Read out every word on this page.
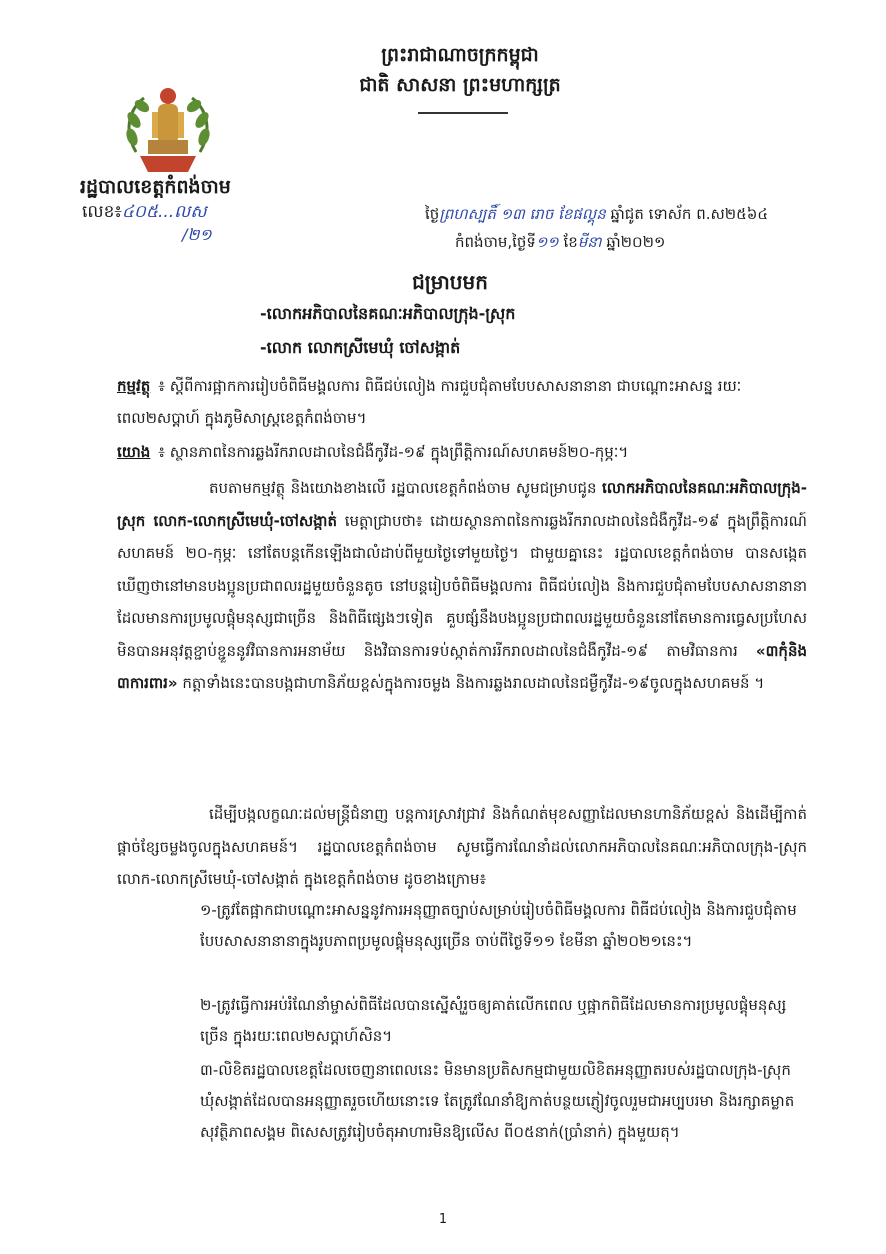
ព្រះរាជាណាចក្រកម្ពុជា
ជាតិ សាសនា ព្រះមហាក្សត្រ
រដ្ឋបាលខេត្តកំពង់ចាម
លេខ៖៤០៥...លស
/២១
ថ្ងៃព្រហស្បតិ៍ ១៣ រោច ខែផល្គុន ឆ្នាំជូត ទោស័ក ព.ស២៥៦៤
កំពង់ចាម,ថ្ងៃទី១១ ខែមីនា ឆ្នាំ២០២១
ជម្រាបមក
-លោកអភិបាលនៃគណៈអភិបាលក្រុង-ស្រុក
-លោក លោកស្រីមេឃុំ ចៅសង្កាត់
កម្មវត្ថុ ៖ ស្តីពីការផ្អាកការរៀបចំពិធីមង្គលការ ពិធីជប់លៀង ការជួបជុំតាមបែបសាសនានានា ជាបណ្តោះអាសន្ន រយៈពេល២សប្តាហ៍ ក្នុងភូមិសាស្ត្រខេត្តកំពង់ចាម។
យោង ៖ ស្ថានភាពនៃការឆ្លងរីករាលដាលនៃជំងឺកូវីដ-១៩ ក្នុងព្រឹត្តិការណ៍សហគមន៍២០-កុម្ភៈ។
តបតាមកម្មវត្ថុ និងយោងខាងលើ រដ្ឋបាលខេត្តកំពង់ចាម សូមជម្រាបជូន លោកអភិបាលនៃគណៈអភិបាលក្រុង-ស្រុក លោក-លោកស្រីមេឃុំ-ចៅសង្កាត់ មេត្តាជ្រាបថា៖ ដោយស្ថានភាពនៃការឆ្លងរីករាលដាលនៃជំងឺកូវីដ-១៩ ក្នុងព្រឹត្តិការណ៍សហគមន៍ ២០-កុម្ភៈ នៅតែបន្តកើនឡើងជាលំដាប់ពីមួយថ្ងៃទៅមួយថ្ងៃ។ ជាមួយគ្នានេះ រដ្ឋបាលខេត្តកំពង់ចាម បានសង្កេតឃើញថានៅមានបងប្អូនប្រជាពលរដ្ឋមួយចំនួនតូច នៅបន្តរៀបចំពិធីមង្គលការ ពិធីជប់លៀង និងការជួបជុំតាមបែបសាសនានានាដែលមានការប្រមូលផ្តុំមនុស្សជាច្រើន និងពិធីផ្សេងៗទៀត គួបផ្សំនឹងបងប្អូនប្រជាពលរដ្ឋមួយចំនួននៅតែមានការធ្វេសប្រហែស មិនបានអនុវត្តខ្ជាប់ខ្ជួននូវវិធានការអនាម័យ និងវិធានការទប់ស្កាត់ការរីករាលដាលនៃជំងឺកូវីដ-១៩ តាមវិធានការ «៣កុំនិង ៣ការពារ» កត្តាទាំងនេះបានបង្កជាហានិភ័យខ្ពស់ក្នុងការចម្លង និងការឆ្លងរាលដាលនៃជម្ងឺកូវីដ-១៩ចូលក្នុងសហគមន៍ ។
ដើម្បីបង្កលក្ខណៈដល់មន្ត្រីជំនាញ បន្តការស្រាវជ្រាវ និងកំណត់មុខសញ្ញាដែលមានហានិភ័យខ្ពស់ និងដើម្បីកាត់ផ្តាច់ខ្សែចម្លងចូលក្នុងសហគមន៍។ រដ្ឋបាលខេត្តកំពង់ចាម សូមធ្វើការណែនាំដល់លោកអភិបាលនៃគណៈអភិបាលក្រុង-ស្រុក លោក-លោកស្រីមេឃុំ-ចៅសង្កាត់ ក្នុងខេត្តកំពង់ចាម ដូចខាងក្រោម៖
១-ត្រូវតែផ្អាកជាបណ្តោះអាសន្ននូវការអនុញ្ញាតច្បាប់សម្រាប់រៀបចំពិធីមង្គលការ ពិធីជប់លៀង និងការជួបជុំតាមបែបសាសនានានាក្នុងរូបភាពប្រមូលផ្តុំមនុស្សច្រើន ចាប់ពីថ្ងៃទី១១ ខែមីនា ឆ្នាំ២០២១នេះ។
២-ត្រូវធ្វើការអប់រំណែនាំម្ចាស់ពិធីដែលបានស្នើសុំរួចឲ្យគាត់លើកពេល ឬផ្អាកពិធីដែលមានការប្រមូលផ្តុំមនុស្សច្រើន ក្នុងរយៈពេល២សប្តាហ៍សិន។
៣-លិខិតរដ្ឋបាលខេត្តដែលចេញនាពេលនេះ មិនមានប្រតិសកម្មជាមួយលិខិតអនុញ្ញាតរបស់រដ្ឋបាលក្រុង-ស្រុក ឃុំសង្កាត់ដែលបានអនុញ្ញាតរួចហើយនោះទេ តែត្រូវណែនាំឱ្យកាត់បន្ថយភ្ញៀវចូលរួមជាអប្បបរមា និងរក្សាគម្លាតសុវត្ថិភាពសង្គម ពិសេសត្រូវរៀបចំតុអាហារមិនឱ្យលើស ពី០៥នាក់(ប្រាំនាក់) ក្នុងមួយតុ។
1
